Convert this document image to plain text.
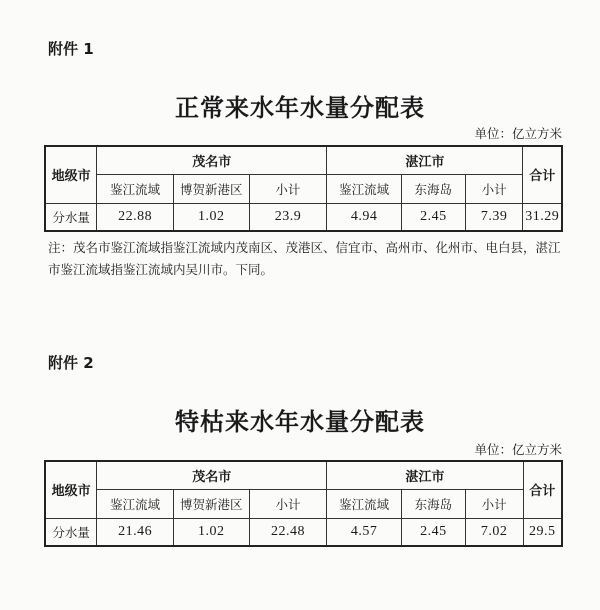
附件 1
正常来水年水量分配表
单位：亿立方米
地级市	茂名市			湛江市			合计
	鉴江流域	博贺新港区	小计	鉴江流域	东海岛	小计	
分水量	22.88	1.02	23.9	4.94	2.45	7.39	31.29
注：茂名市鉴江流域指鉴江流域内茂南区、茂港区、信宜市、高州市、化州市、电白县，湛江市鉴江流域指鉴江流域内吴川市。下同。
附件 2
特枯来水年水量分配表
单位：亿立方米
地级市	茂名市			湛江市			合计
	鉴江流域	博贺新港区	小计	鉴江流域	东海岛	小计	
分水量	21.46	1.02	22.48	4.57	2.45	7.02	29.5
